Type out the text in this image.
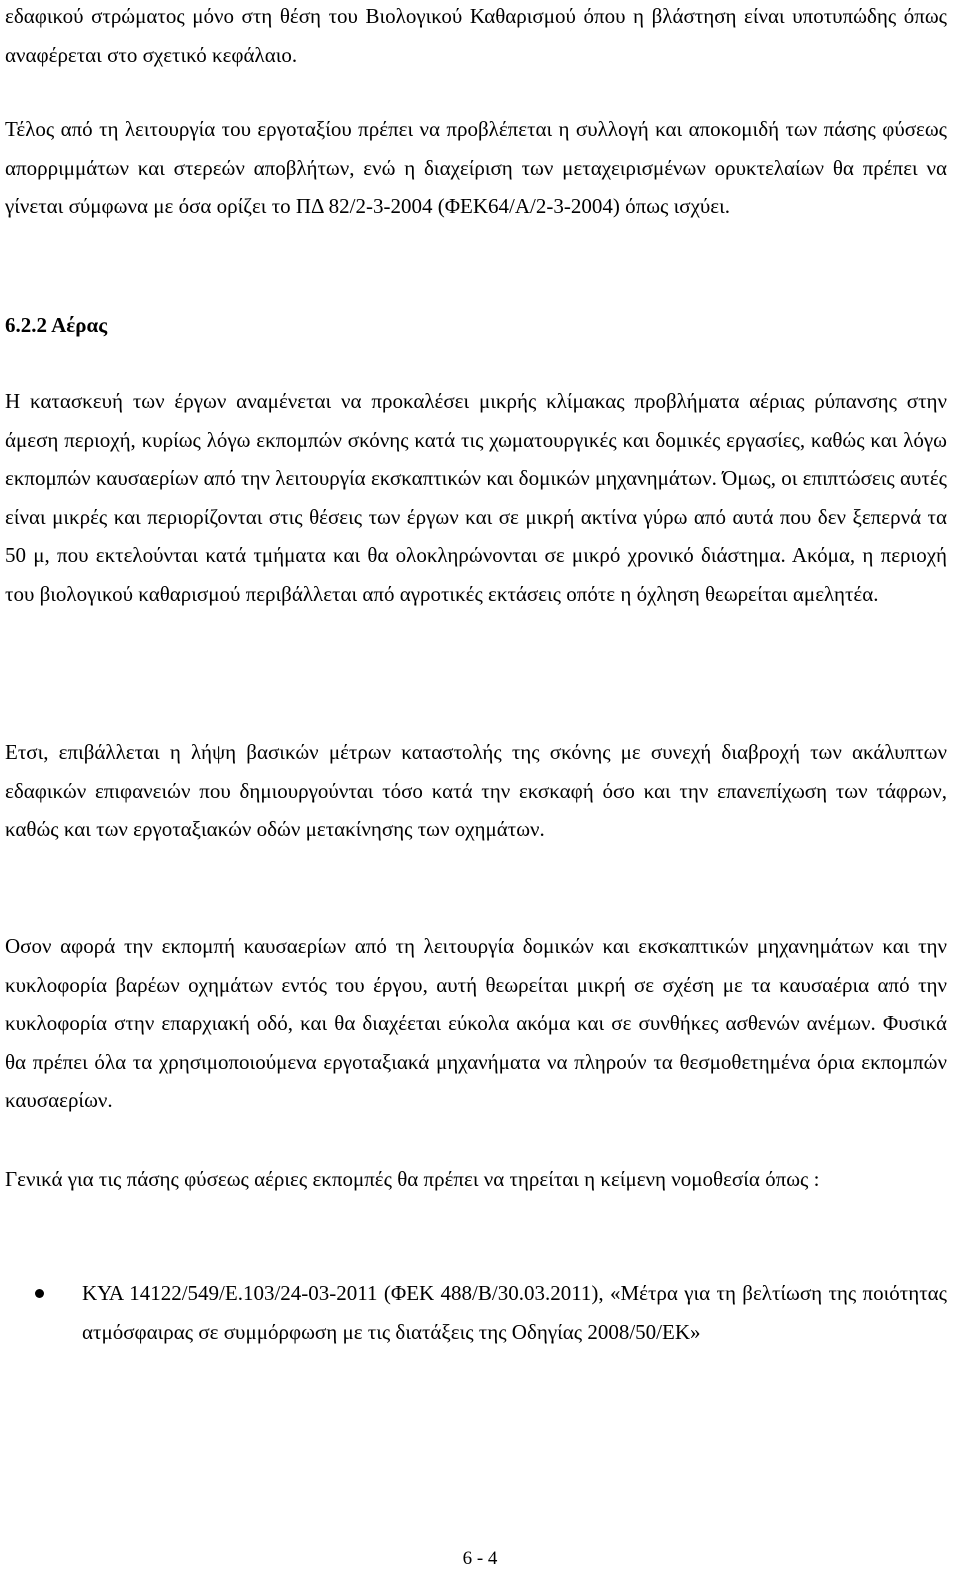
εδαφικού στρώματος μόνο στη θέση του Βιολογικού Καθαρισμού όπου η βλάστηση είναι υποτυπώδης όπως αναφέρεται στο σχετικό κεφάλαιο.

Τέλος από τη λειτουργία του εργοταξίου πρέπει να προβλέπεται η συλλογή και αποκομιδή των πάσης φύσεως απορριμμάτων και στερεών αποβλήτων, ενώ η διαχείριση των μεταχειρισμένων ορυκτελαίων θα πρέπει να γίνεται σύμφωνα με όσα ορίζει το ΠΔ 82/2-3-2004 (ΦΕΚ64/Α/2-3-2004) όπως ισχύει.

6.2.2 Αέρας

Η κατασκευή των έργων αναμένεται να προκαλέσει μικρής κλίμακας προβλήματα αέριας ρύπανσης στην άμεση περιοχή, κυρίως λόγω εκπομπών σκόνης κατά τις χωματουργικές και δομικές εργασίες, καθώς και λόγω εκπομπών καυσαερίων από την λειτουργία εκσκαπτικών και δομικών μηχανημάτων. Όμως, οι επιπτώσεις αυτές είναι μικρές και περιορίζονται στις θέσεις των έργων και σε μικρή ακτίνα γύρω από αυτά που δεν ξεπερνά τα 50 μ, που εκτελούνται κατά τμήματα και θα ολοκληρώνονται σε μικρό χρονικό διάστημα. Ακόμα, η περιοχή του βιολογικού καθαρισμού περιβάλλεται από αγροτικές εκτάσεις οπότε η όχληση θεωρείται αμελητέα.

Ετσι, επιβάλλεται η λήψη βασικών μέτρων καταστολής της σκόνης με συνεχή διαβροχή των ακάλυπτων εδαφικών επιφανειών που δημιουργούνται τόσο κατά την εκσκαφή όσο και την επανεπίχωση των τάφρων, καθώς και των εργοταξιακών οδών μετακίνησης των οχημάτων.

Οσον αφορά την εκπομπή καυσαερίων από τη λειτουργία δομικών και εκσκαπτικών μηχανημάτων και την κυκλοφορία βαρέων οχημάτων εντός του έργου, αυτή θεωρείται μικρή σε σχέση με τα καυσαέρια από την κυκλοφορία στην επαρχιακή οδό, και θα διαχέεται εύκολα ακόμα και σε συνθήκες ασθενών ανέμων. Φυσικά θα πρέπει όλα τα χρησιμοποιούμενα εργοταξιακά μηχανήματα να πληρούν τα θεσμοθετημένα όρια εκπομπών καυσαερίων.

Γενικά για τις πάσης φύσεως αέριες εκπομπές θα πρέπει να τηρείται η κείμενη νομοθεσία όπως :

ΚΥΑ 14122/549/Ε.103/24-03-2011 (ΦΕΚ 488/Β/30.03.2011), «Μέτρα για τη βελτίωση της ποιότητας ατμόσφαιρας σε συμμόρφωση με τις διατάξεις της Οδηγίας 2008/50/ΕΚ»

6 - 4
